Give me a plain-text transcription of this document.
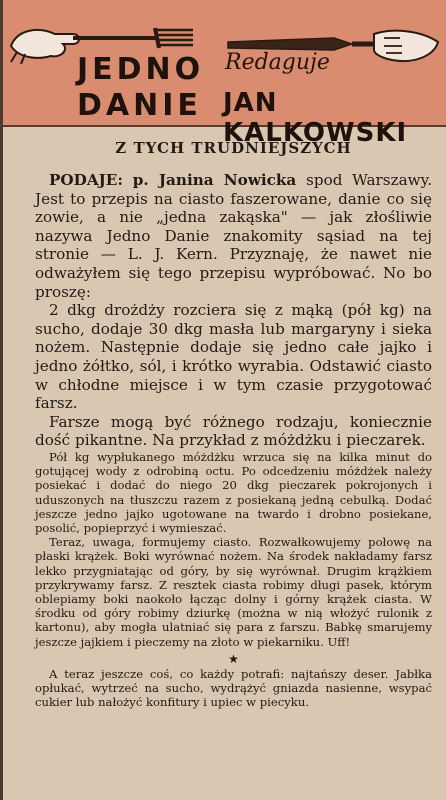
JEDNO Redaguje
DANIE JAN KALKOWSKI
Z TYCH TRUDNIEJSZYCH

PODAJE: p. Janina Nowicka spod Warszawy. Jest to przepis na ciasto faszerowane, danie co się zowie, a nie „jedna zakąska" — jak złośliwie nazywa Jedno Danie znakomity sąsiad na tej stronie — L. J. Kern. Przyznaję, że nawet nie odważyłem się tego przepisu wypróbować. No bo proszę:

2 dkg drożdży rozciera się z mąką (pół kg) na sucho, dodaje 30 dkg masła lub margaryny i sieka nożem. Następnie dodaje się jedno całe jajko i jedno żółtko, sól, i krótko wyrabia. Odstawić ciasto w chłodne miejsce i w tym czasie przygotować farsz.

Farsze mogą być różnego rodzaju, koniecznie dość pikantne. Na przykład z móżdżku i pieczarek.

Pół kg wypłukanego móżdżku wrzuca się na kilka minut do gotującej wody z odrobiną octu. Po odcedzeniu móżdżek należy posiekać i dodać do niego 20 dkg pieczarek pokrojonych i uduszonych na tłuszczu razem z posiekaną jedną cebulką. Dodać jeszcze jedno jajko ugotowane na twardo i drobno posiekane, posolić, popieprzyć i wymieszać.

Teraz, uwaga, formujemy ciasto. Rozwałkowujemy połowę na płaski krążek. Boki wyrównać nożem. Na środek nakładamy farsz lekko przygniatając od góry, by się wyrównał. Drugim krążkiem przykrywamy farsz. Z resztek ciasta robimy długi pasek, którym oblepiamy boki naokoło łącząc dolny i górny krążek ciasta. W środku od góry robimy dziurkę (można w nią włożyć rulonik z kartonu), aby mogła ulatniać się para z farszu. Babkę smarujemy jeszcze jajkiem i pieczemy na złoto w piekarniku. Uff!

★

A teraz jeszcze coś, co każdy potrafi: najtańszy deser. Jabłka opłukać, wytrzeć na sucho, wydrążyć gniazda nasienne, wsypać cukier lub nałożyć konfitury i upiec w piecyku.
